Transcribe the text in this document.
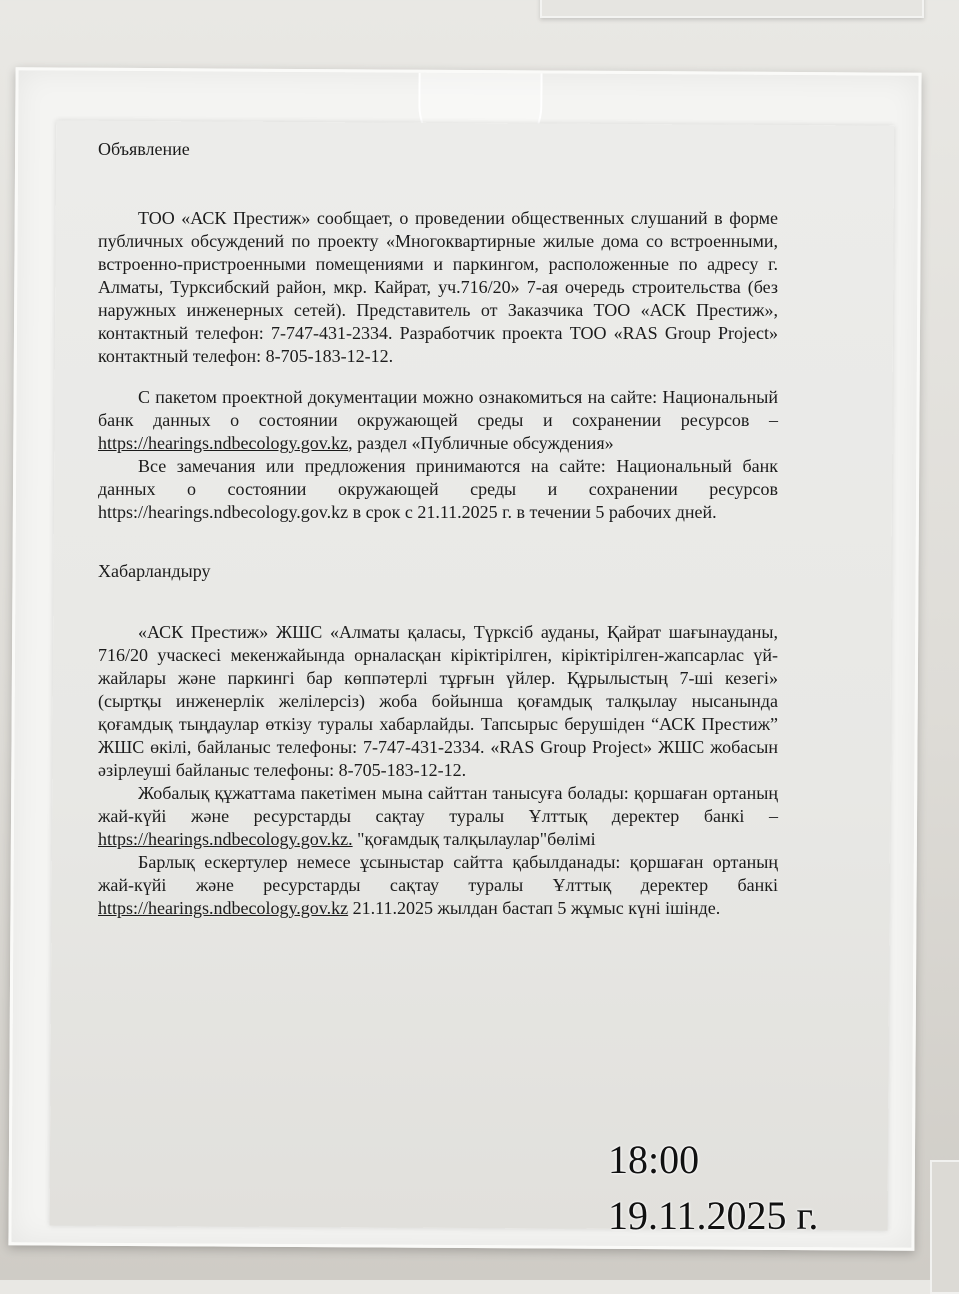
Объявление

ТОО «АСК Престиж» сообщает, о проведении общественных слушаний в форме публичных обсуждений по проекту «Многоквартирные жилые дома со встроенными, встроенно-пристроенными помещениями и паркингом, расположенные по адресу г. Алматы, Турксибский район, мкр. Кайрат, уч.716/20» 7-ая очередь строительства (без наружных инженерных сетей). Представитель от Заказчика ТОО «АСК Престиж», контактный телефон: 7-747-431-2334. Разработчик проекта ТОО «RAS Group Project» контактный телефон: 8-705-183-12-12.

С пакетом проектной документации можно ознакомиться на сайте: Национальный банк данных о состоянии окружающей среды и сохранении ресурсов – https://hearings.ndbecology.gov.kz, раздел «Публичные обсуждения»

Все замечания или предложения принимаются на сайте: Национальный банк данных о состоянии окружающей среды и сохранении ресурсов https://hearings.ndbecology.gov.kz в срок с 21.11.2025 г. в течении 5 рабочих дней.

Хабарландыру

«АСК Престиж» ЖШС «Алматы қаласы, Түрксіб ауданы, Қайрат шағынауданы, 716/20 учаскесі мекенжайында орналасқан кіріктірілген, кіріктірілген-жапсарлас үй-жайлары және паркингі бар көппәтерлі тұрғын үйлер. Құрылыстың 7-ші кезегі» (сыртқы инженерлік желілерсіз) жоба бойынша қоғамдық талқылау нысанында қоғамдық тыңдаулар өткізу туралы хабарлайды. Тапсырыс берушіден “АСК Престиж” ЖШС өкілі, байланыс телефоны: 7-747-431-2334. «RAS Group Project» ЖШС жобасын әзірлеуші байланыс телефоны: 8-705-183-12-12.

Жобалық құжаттама пакетімен мына сайттан танысуға болады: қоршаған ортаның жай-күйі және ресурстарды сақтау туралы Ұлттық деректер банкі – https://hearings.ndbecology.gov.kz. "қоғамдық талқылаулар"бөлімі

Барлық ескертулер немесе ұсыныстар сайтта қабылданады: қоршаған ортаның жай-күйі және ресурстарды сақтау туралы Ұлттық деректер банкі https://hearings.ndbecology.gov.kz 21.11.2025 жылдан бастап 5 жұмыс күні ішінде.

18:00
19.11.2025 г.
